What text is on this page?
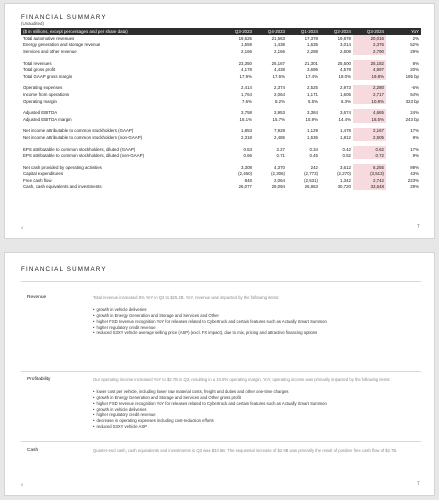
FINANCIAL SUMMARY
(Unaudited)
($ in millions, except percentages and per share data)	Q3-2023	Q4-2023	Q1-2024	Q2-2024	Q3-2024	YoY
Total automotive revenues	19,625	21,563	17,378	19,878	20,016	2%
Energy generation and storage revenue	1,559	1,438	1,635	3,014	2,376	52%
Services and other revenue	2,166	2,166	2,288	2,608	2,790	29%

Total revenues	23,350	25,167	21,301	25,500	25,182	8%
Total gross profit	4,178	4,438	3,696	4,578	4,997	20%
Total GAAP gross margin	17.9%	17.6%	17.4%	18.0%	19.8%	195 bp

Operating expenses	2,414	2,374	2,525	2,973	2,280	-6%
Income from operations	1,764	2,064	1,171	1,605	2,717	54%
Operating margin	7.6%	8.2%	5.5%	6.3%	10.8%	323 bp

Adjusted EBITDA	3,758	3,953	3,384	3,674	4,665	24%
Adjusted EBITDA margin	16.1%	15.7%	15.9%	14.4%	18.5%	243 bp

Net income attributable to common stockholders (GAAP)	1,853	7,928	1,129	1,478	2,167	17%
Net income attributable to common stockholders (non-GAAP)	2,318	2,485	1,536	1,812	2,505	8%

EPS attributable to common stockholders, diluted (GAAP)	0.53	2.27	0.34	0.42	0.62	17%
EPS attributable to common stockholders, diluted (non-GAAP)	0.66	0.71	0.45	0.52	0.72	9%

Net cash provided by operating activities	3,308	4,370	242	3,612	6,255	89%
Capital expenditures	(2,460)	(2,306)	(2,773)	(2,270)	(3,513)	43%
Free cash flow	848	2,064	(2,531)	1,342	2,742	223%
Cash, cash equivalents and investments	26,077	29,094	26,863	30,720	33,648	29%
4	T
FINANCIAL SUMMARY
Revenue	Total revenue increased 8% YoY in Q3 to $25.2B. YoY, revenue was impacted by the following items:
• growth in vehicle deliveries
• growth in Energy Generation and Storage and Services and Other
• higher FSD revenue recognition YoY for releases related to Cybertruck and certain features such as Actually Smart Summon
• higher regulatory credit revenue
• reduced S3XY vehicle average selling price (ASP) (excl. FX impact), due to mix, pricing and attractive financing options
Profitability	Our operating income increased YoY to $2.7B in Q3, resulting in a 10.8% operating margin. YoY, operating income was primarily impacted by the following items:
• lower cost per vehicle, including lower raw material costs, freight and duties and other one-time charges
• growth in Energy Generation and Storage and Services and Other gross profit
• higher FSD revenue recognition YoY for releases related to Cybertruck and certain features such as Actually Smart Summon
• growth in vehicle deliveries
• higher regulatory credit revenue
• decrease in operating expenses including cost-reduction efforts
• reduced S3XY vehicle ASP
Cash	Quarter-end cash, cash equivalents and investments in Q3 was $33.6B. The sequential increase of $2.9B was primarily the result of positive free cash flow of $2.7B.
5	T
